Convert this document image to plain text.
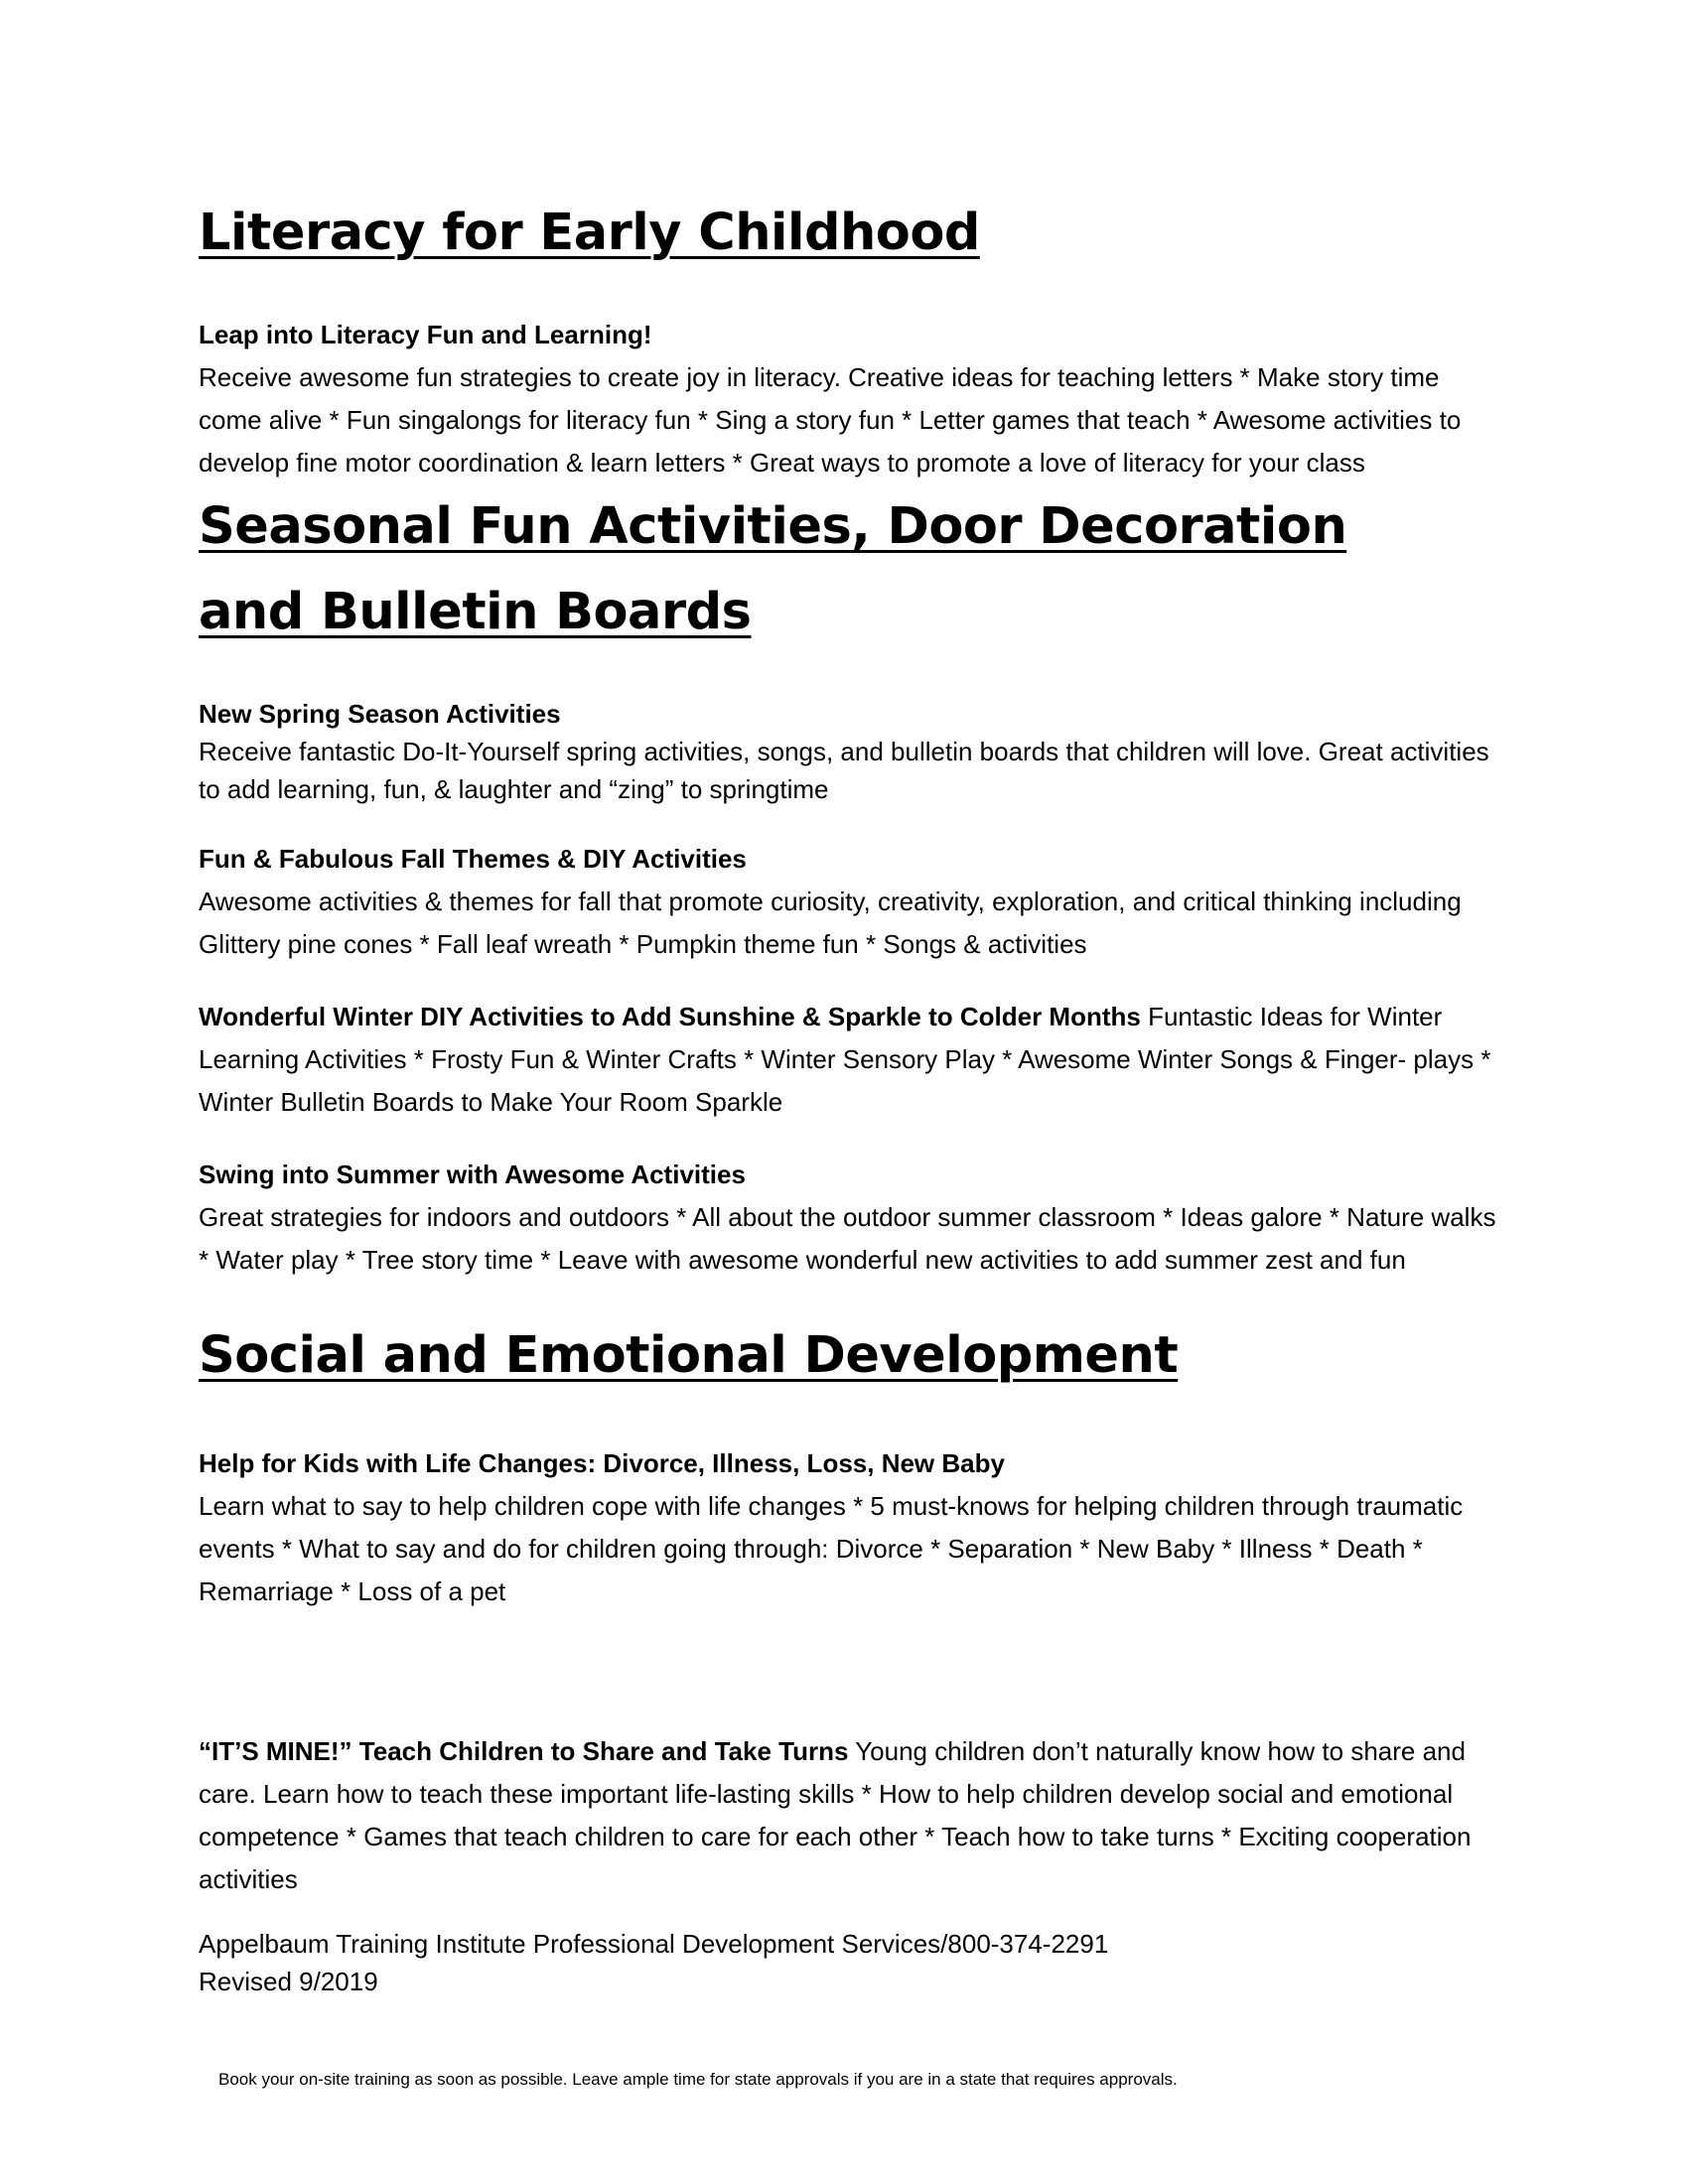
Literacy for Early Childhood

Leap into Literacy Fun and Learning!
Receive awesome fun strategies to create joy in literacy. Creative ideas for teaching letters * Make story time come alive * Fun singalongs for literacy fun * Sing a story fun * Letter games that teach * Awesome activities to develop fine motor coordination & learn letters * Great ways to promote a love of literacy for your class

Seasonal Fun Activities, Door Decoration and Bulletin Boards

New Spring Season Activities
Receive fantastic Do-It-Yourself spring activities, songs, and bulletin boards that children will love. Great activities to add learning, fun, & laughter and “zing” to springtime

Fun & Fabulous Fall Themes & DIY Activities
Awesome activities & themes for fall that promote curiosity, creativity, exploration, and critical thinking including Glittery pine cones * Fall leaf wreath * Pumpkin theme fun * Songs & activities

Wonderful Winter DIY Activities to Add Sunshine & Sparkle to Colder Months Funtastic Ideas for Winter Learning Activities * Frosty Fun & Winter Crafts * Winter Sensory Play * Awesome Winter Songs & Finger- plays * Winter Bulletin Boards to Make Your Room Sparkle

Swing into Summer with Awesome Activities
Great strategies for indoors and outdoors * All about the outdoor summer classroom * Ideas galore * Nature walks * Water play * Tree story time * Leave with awesome wonderful new activities to add summer zest and fun

Social and Emotional Development

Help for Kids with Life Changes: Divorce, Illness, Loss, New Baby
Learn what to say to help children cope with life changes * 5 must-knows for helping children through traumatic events * What to say and do for children going through: Divorce * Separation * New Baby * Illness * Death * Remarriage * Loss of a pet

“IT’S MINE!” Teach Children to Share and Take Turns Young children don’t naturally know how to share and care. Learn how to teach these important life-lasting skills * How to help children develop social and emotional competence * Games that teach children to care for each other * Teach how to take turns * Exciting cooperation activities

Appelbaum Training Institute Professional Development Services/800-374-2291
Revised 9/2019
Book your on-site training as soon as possible. Leave ample time for state approvals if you are in a state that requires approvals.
